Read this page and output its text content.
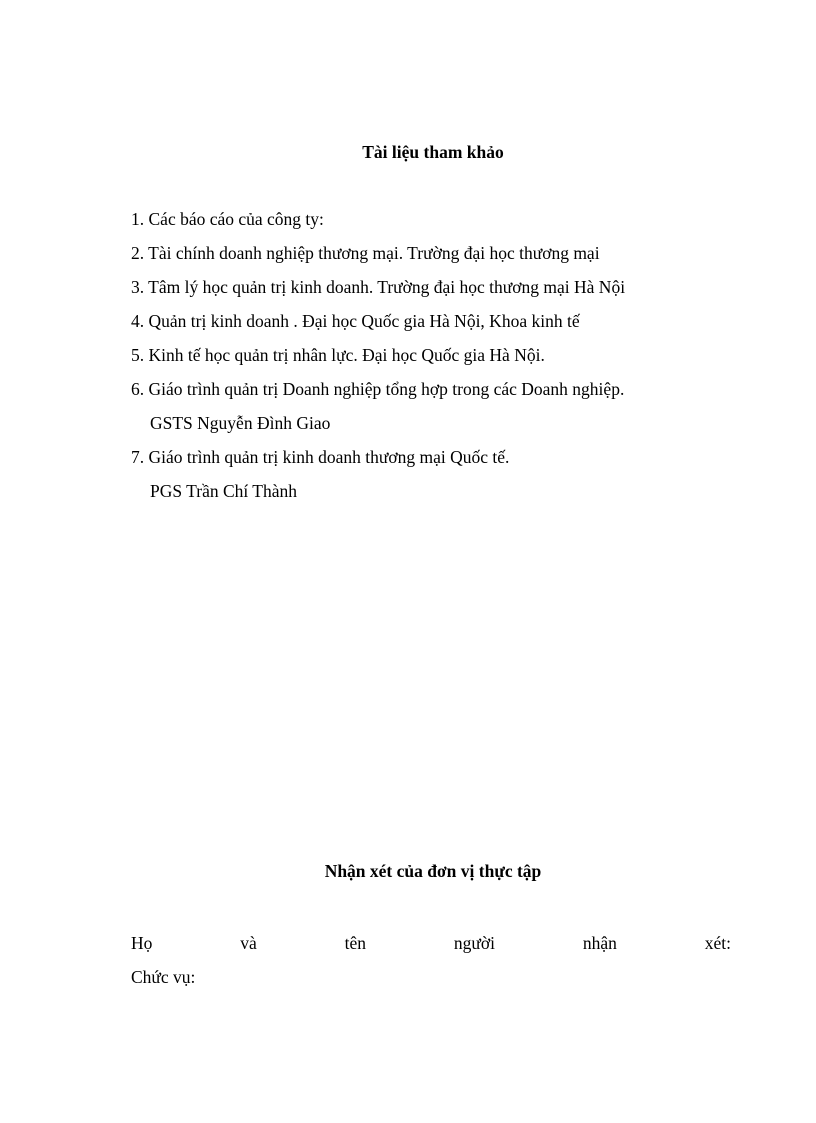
Tài liệu tham khảo
1. Các báo cáo của công ty:
2. Tài chính doanh nghiệp thương mại. Trường đại học thương mại
3. Tâm lý học quản trị kinh doanh. Trường đại học thương mại Hà Nội
4. Quản trị kinh doanh . Đại học Quốc gia Hà Nội, Khoa kinh tế
5. Kinh tế học quản trị nhân lực. Đại học Quốc gia Hà Nội.
6. Giáo trình quản trị Doanh nghiệp tổng hợp trong các Doanh nghiệp.
GSTS Nguyễn Đình Giao
7. Giáo trình quản trị kinh doanh thương mại Quốc tế.
PGS Trần Chí Thành
Nhận xét của đơn vị thực tập
Họ	và	tên	người	nhận	xét:
Chức vụ:
